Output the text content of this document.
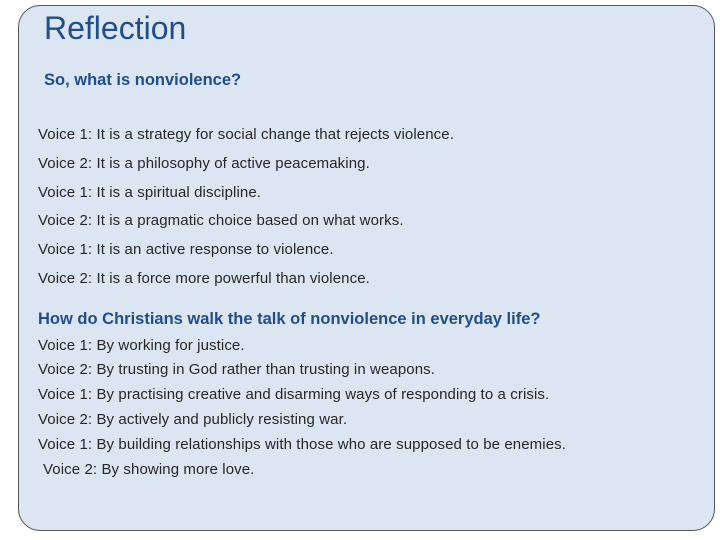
Reflection
So, what is nonviolence?
Voice 1: It is a strategy for social change that rejects violence.
Voice 2: It is a philosophy of active peacemaking.
Voice 1: It is a spiritual discipline.
Voice 2: It is a pragmatic choice based on what works.
Voice 1: It is an active response to violence.
Voice 2: It is a force more powerful than violence.
How do Christians walk the talk of nonviolence in everyday life?
Voice 1: By working for justice.
Voice 2: By trusting in God rather than trusting in weapons.
Voice 1: By practising creative and disarming ways of responding to a crisis.
Voice 2: By actively and publicly resisting war.
Voice 1: By building relationships with those who are supposed to be enemies.
Voice 2: By showing more love.
